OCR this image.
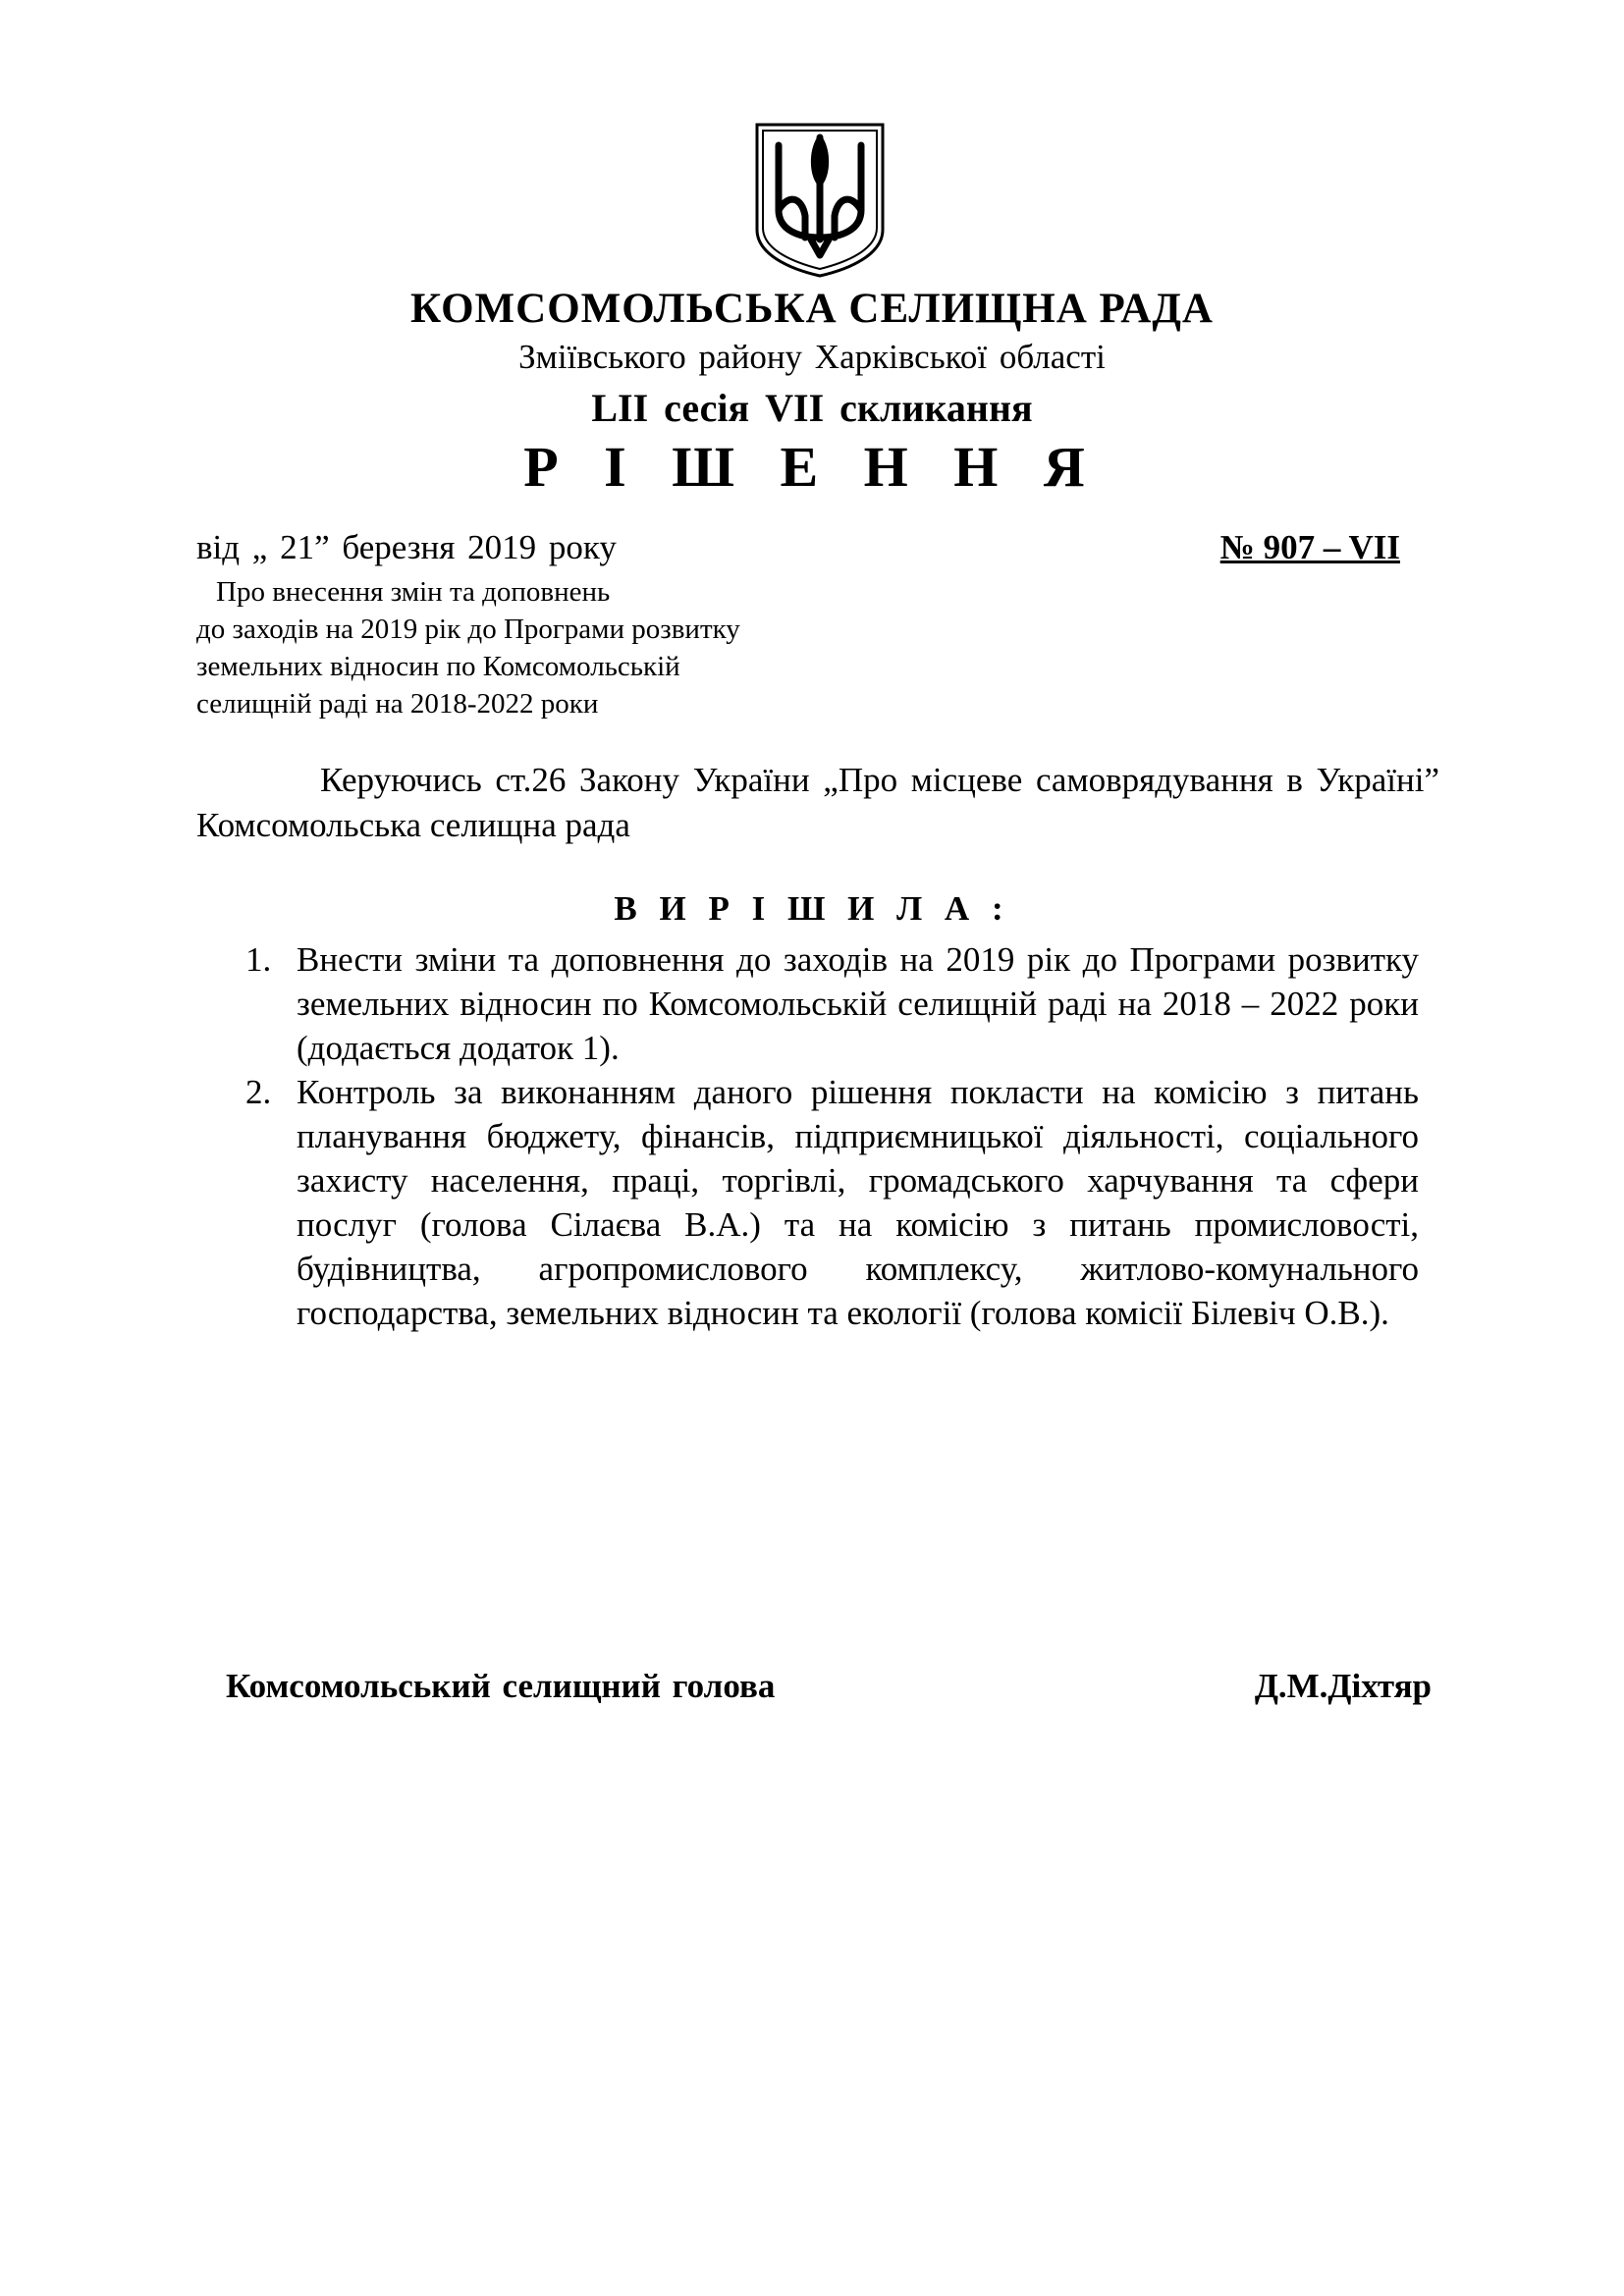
КОМСОМОЛЬСЬКА СЕЛИЩНА РАДА
Зміївського району Харківської області
LII сесія VII скликання
Р І Ш Е Н Н Я
від „ 21” березня 2019 року	№ 907 – VII
Про внесення змін та доповнень
до заходів на 2019 рік до Програми розвитку
земельних відносин по Комсомольській
селищній раді на 2018-2022 роки
Керуючись ст.26 Закону України „Про місцеве самоврядування в Україні” Комсомольська селищна рада
В И Р І Ш И Л А :
1. Внести зміни та доповнення до заходів на 2019 рік до Програми розвитку земельних відносин по Комсомольській селищній раді на 2018 – 2022 роки (додається додаток 1).
2. Контроль за виконанням даного рішення покласти на комісію з питань планування бюджету, фінансів, підприємницької діяльності, соціального захисту населення, праці, торгівлі, громадського харчування та сфери послуг (голова Сілаєва В.А.) та на комісію з питань промисловості, будівництва, агропромислового комплексу, житлово-комунального господарства, земельних відносин та екології (голова комісії Білевіч О.В.).
Комсомольський селищний голова	Д.М.Діхтяр
